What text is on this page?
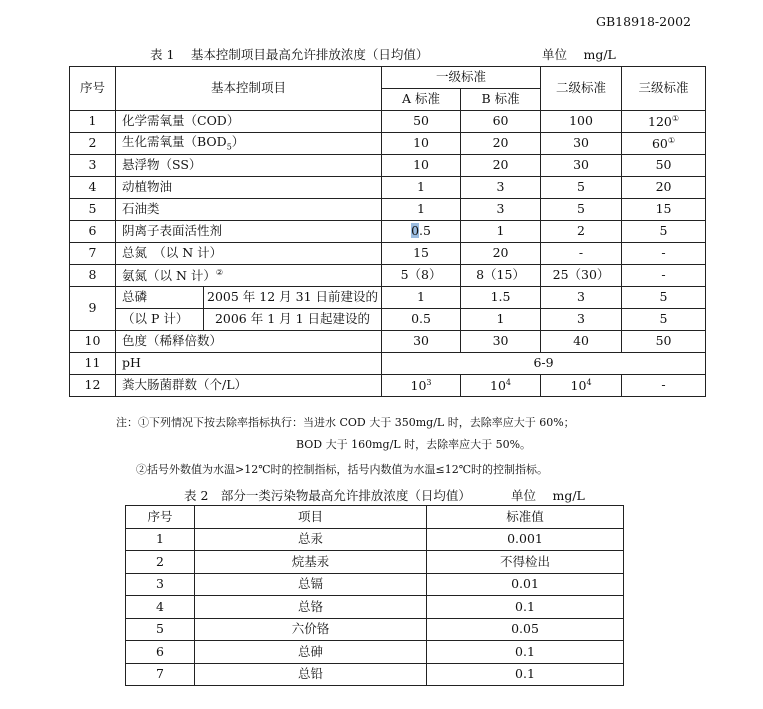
GB18918-2002
表 1　 基本控制项目最高允许排放浓度（日均值）	单位　 mg/L
序号	基本控制项目		一级标准		二级标准	三级标准
			A 标准	B 标准		
1	化学需氧量（COD）		50	60	100	120①
2	生化需氧量$(BOD_5)$		10	20	30	60①
3	悬浮物（SS）		10	20	30	50
4	动植物油		1	3	5	20
5	石油类		1	3	5	15
6	阴离子表面活性剂		0.5	1	2	5
7	总氮　（以 N 计）		15	20	-	-
8	氨氮（以 N 计）②		5（8）	8（15）	25（30）	-
9	总磷	2005 年 12 月 31 日前建设的	1	1.5	3	5
	（以 P 计）	2006 年 1 月 1 日起建设的	0.5	1	3	5
10	色度（稀释倍数）		30	30	40	50
11	pH		6-9			
12	粪大肠菌群数（个/L）		$10^3$	$10^4$	$10^4$	-
注：①下列情况下按去除率指标执行：当进水 COD 大于 350mg/L 时，去除率应大于 60%；
BOD 大于 160mg/L 时，去除率应大于 50%。
②括号外数值为水温>12℃时的控制指标，括号内数值为水温≤12℃时的控制指标。
表 2　部分一类污染物最高允许排放浓度（日均值）	单位　 mg/L
序号	项目	标准值
1	总汞	0.001
2	烷基汞	不得检出
3	总镉	0.01
4	总铬	0.1
5	六价铬	0.05
6	总砷	0.1
7	总铅	0.1
